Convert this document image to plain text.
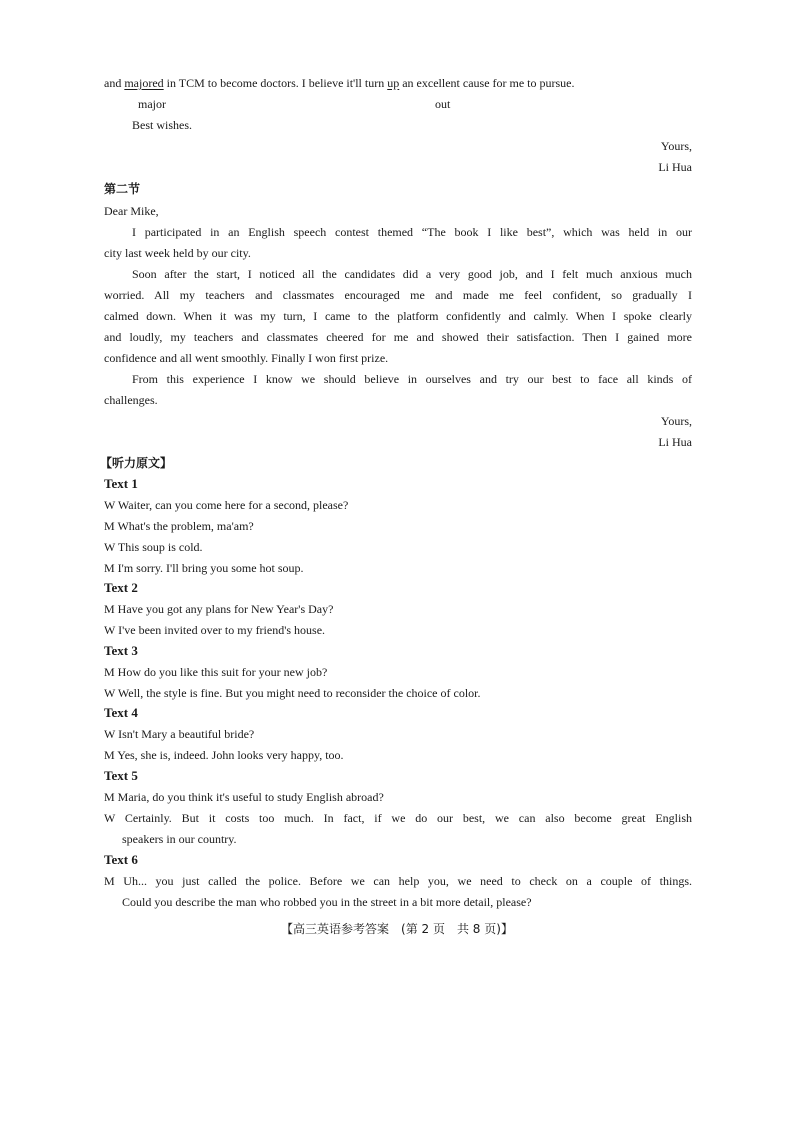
and majored in TCM to become doctors. I believe it'll turn up an excellent cause for me to pursue.
major	out
Best wishes.
Yours,
Li Hua
第二节
Dear Mike,
I participated in an English speech contest themed “The book I like best”, which was held in our
city last week held by our city.
Soon after the start, I noticed all the candidates did a very good job, and I felt much anxious much
worried. All my teachers and classmates encouraged me and made me feel confident, so gradually I
calmed down. When it was my turn, I came to the platform confidently and calmly. When I spoke clearly
and loudly, my teachers and classmates cheered for me and showed their satisfaction. Then I gained more
confidence and all went smoothly. Finally I won first prize.
From this experience I know we should believe in ourselves and try our best to face all kinds of
challenges.
Yours,
Li Hua
【听力原文】
Text 1
W Waiter, can you come here for a second, please?
M What's the problem, ma'am?
W This soup is cold.
M I'm sorry. I'll bring you some hot soup.
Text 2
M Have you got any plans for New Year's Day?
W I've been invited over to my friend's house.
Text 3
M How do you like this suit for your new job?
W Well, the style is fine. But you might need to reconsider the choice of color.
Text 4
W Isn't Mary a beautiful bride?
M Yes, she is, indeed. John looks very happy, too.
Text 5
M Maria, do you think it's useful to study English abroad?
W Certainly. But it costs too much. In fact, if we do our best, we can also become great English
speakers in our country.
Text 6
M Uh... you just called the police. Before we can help you, we need to check on a couple of things.
Could you describe the man who robbed you in the street in a bit more detail, please?
【高三英语参考答案　(第 2 页　共 8 页)】
